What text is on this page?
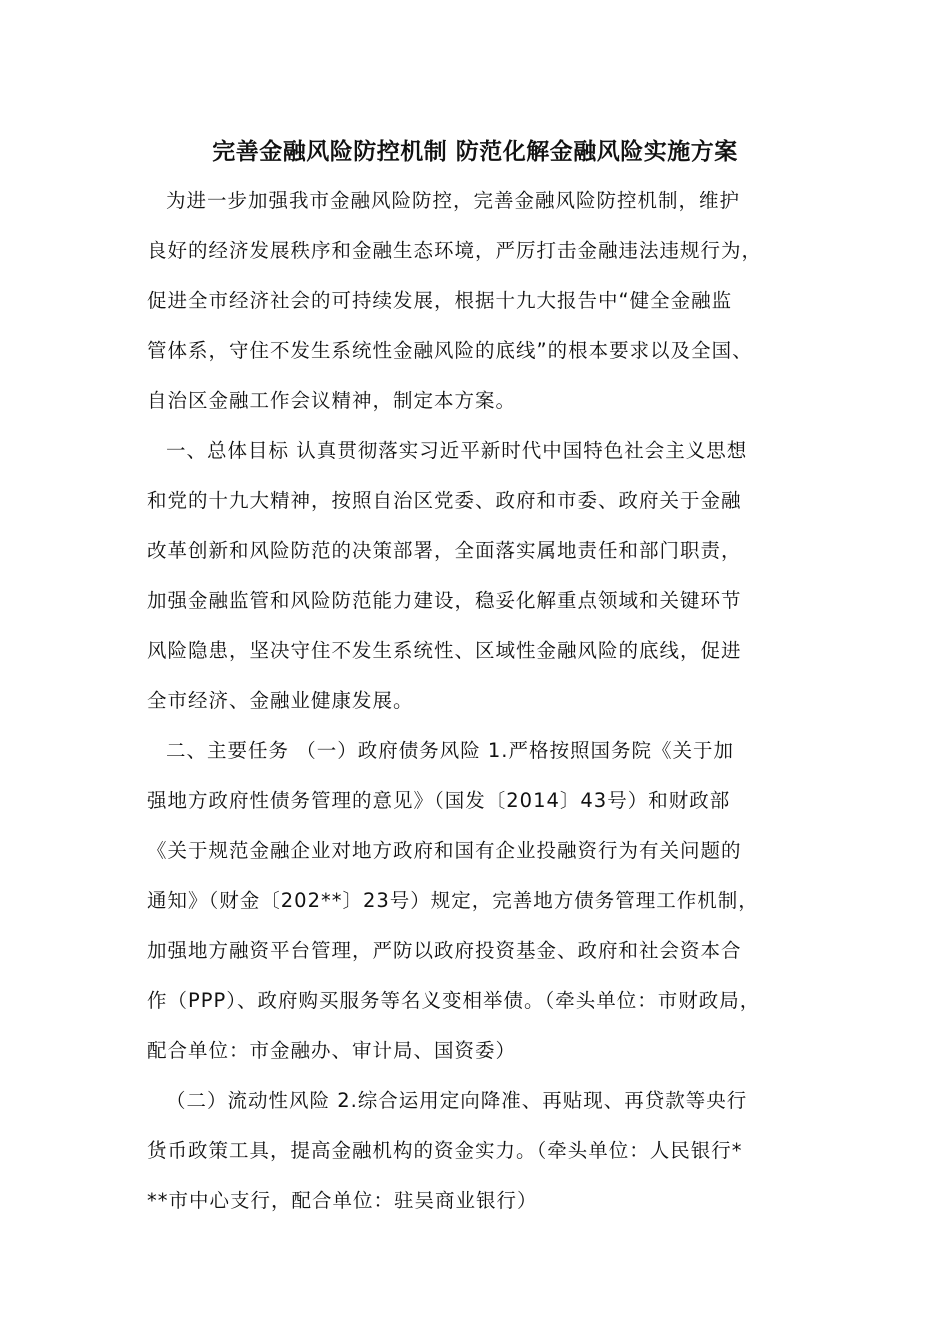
完善金融风险防控机制 防范化解金融风险实施方案
为进一步加强我市金融风险防控，完善金融风险防控机制，维护
良好的经济发展秩序和金融生态环境，严厉打击金融违法违规行为，
促进全市经济社会的可持续发展，根据十九大报告中“健全金融监
管体系，守住不发生系统性金融风险的底线”的根本要求以及全国、
自治区金融工作会议精神，制定本方案。
一、总体目标 认真贯彻落实习近平新时代中国特色社会主义思想
和党的十九大精神，按照自治区党委、政府和市委、政府关于金融
改革创新和风险防范的决策部署，全面落实属地责任和部门职责，
加强金融监管和风险防范能力建设，稳妥化解重点领域和关键环节
风险隐患，坚决守住不发生系统性、区域性金融风险的底线，促进
全市经济、金融业健康发展。
二、主要任务 （一）政府债务风险 1.严格按照国务院《关于加
强地方政府性债务管理的意见》（国发〔2014〕43号）和财政部
《关于规范金融企业对地方政府和国有企业投融资行为有关问题的
通知》（财金〔202**〕23号）规定，完善地方债务管理工作机制，
加强地方融资平台管理，严防以政府投资基金、政府和社会资本合
作（PPP）、政府购买服务等名义变相举债。（牵头单位：市财政局，
配合单位：市金融办、审计局、国资委）
（二）流动性风险 2.综合运用定向降准、再贴现、再贷款等央行
货币政策工具，提高金融机构的资金实力。（牵头单位：人民银行*
**市中心支行，配合单位：驻吴商业银行）
